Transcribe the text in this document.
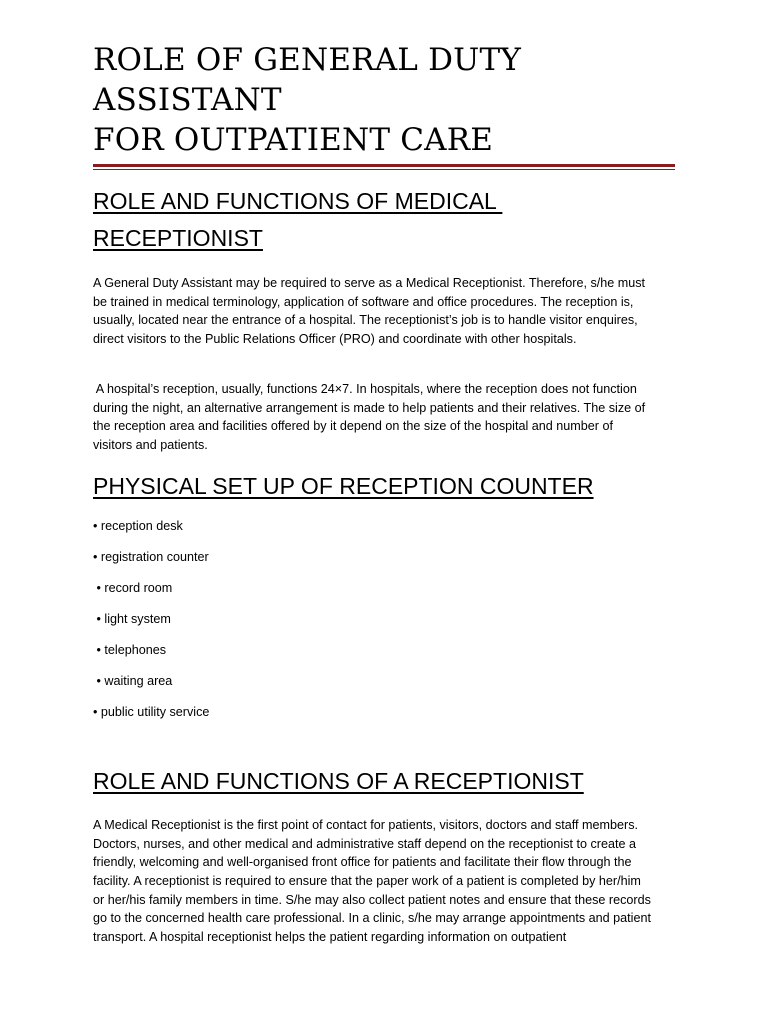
ROLE OF GENERAL DUTY ASSISTANT
FOR OUTPATIENT CARE
ROLE AND FUNCTIONS OF MEDICAL
RECEPTIONIST

A General Duty Assistant may be required to serve as a Medical Receptionist. Therefore, s/he must
be trained in medical terminology, application of software and office procedures. The reception is,
usually, located near the entrance of a hospital. The receptionist’s job is to handle visitor enquires,
direct visitors to the Public Relations Officer (PRO) and coordinate with other hospitals.

A hospital’s reception, usually, functions 24×7. In hospitals, where the reception does not function
during the night, an alternative arrangement is made to help patients and their relatives. The size of
the reception area and facilities offered by it depend on the size of the hospital and number of
visitors and patients.

PHYSICAL SET UP OF RECEPTION COUNTER
• reception desk
• registration counter
• record room
• light system
• telephones
• waiting area
• public utility service
ROLE AND FUNCTIONS OF A RECEPTIONIST

A Medical Receptionist is the first point of contact for patients, visitors, doctors and staff members.
Doctors, nurses, and other medical and administrative staff depend on the receptionist to create a
friendly, welcoming and well-organised front office for patients and facilitate their flow through the
facility. A receptionist is required to ensure that the paper work of a patient is completed by her/him
or her/his family members in time. S/he may also collect patient notes and ensure that these records
go to the concerned health care professional. In a clinic, s/he may arrange appointments and patient
transport. A hospital receptionist helps the patient regarding information on outpatient
